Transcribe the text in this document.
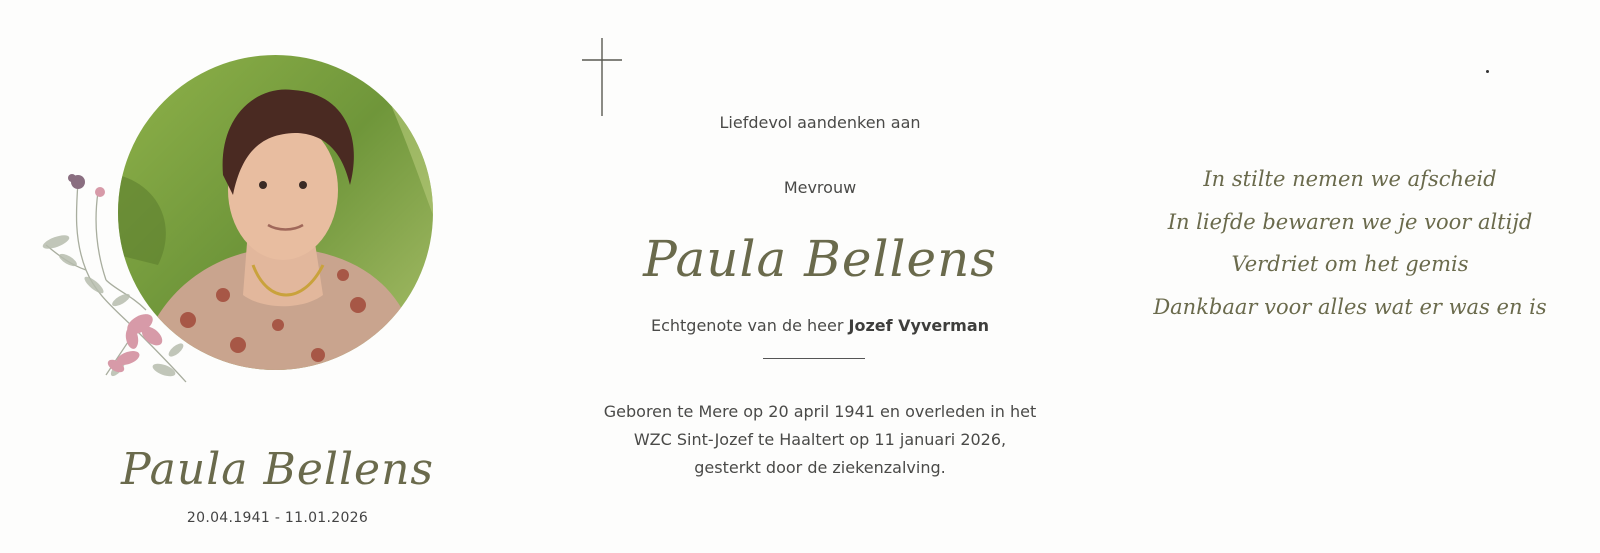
Paula Bellens
20.04.1941 - 11.01.2026
Liefdevol aandenken aan
Mevrouw
Paula Bellens
Echtgenote van de heer Jozef Vyverman
Geboren te Mere op 20 april 1941 en overleden in het
WZC Sint-Jozef te Haaltert op 11 januari 2026,
gesterkt door de ziekenzalving.
In stilte nemen we afscheid
In liefde bewaren we je voor altijd
Verdriet om het gemis
Dankbaar voor alles wat er was en is
